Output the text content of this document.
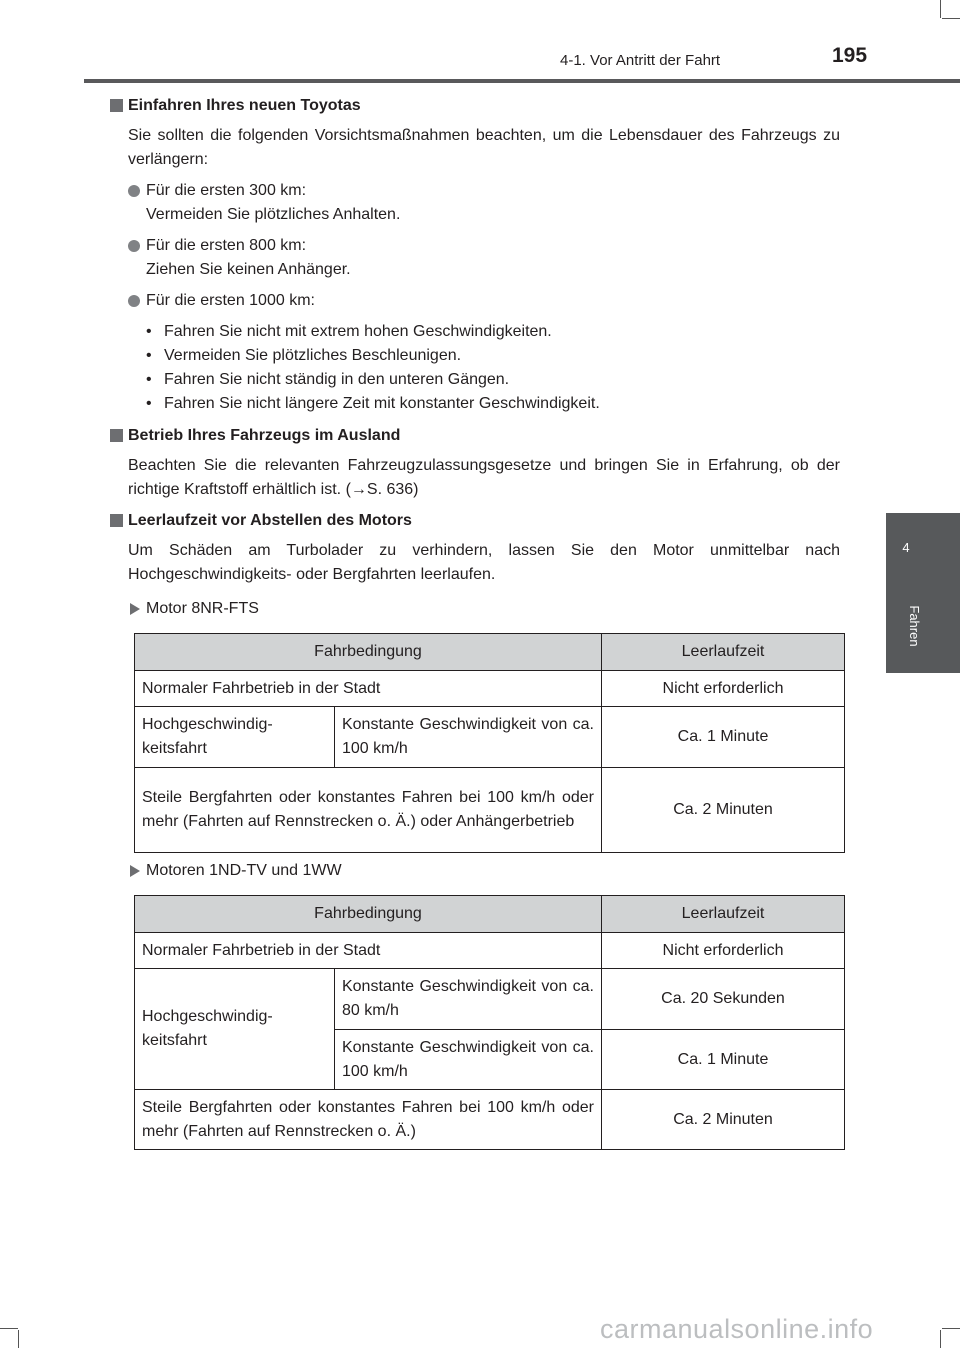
4-1. Vor Antritt der Fahrt	195
4
Fahren
Einfahren Ihres neuen Toyotas
Sie sollten die folgenden Vorsichtsmaßnahmen beachten, um die Lebensdauer des Fahrzeugs zu verlängern:
Für die ersten 300 km:
Vermeiden Sie plötzliches Anhalten.
Für die ersten 800 km:
Ziehen Sie keinen Anhänger.
Für die ersten 1000 km:
• Fahren Sie nicht mit extrem hohen Geschwindigkeiten.
• Vermeiden Sie plötzliches Beschleunigen.
• Fahren Sie nicht ständig in den unteren Gängen.
• Fahren Sie nicht längere Zeit mit konstanter Geschwindigkeit.
Betrieb Ihres Fahrzeugs im Ausland
Beachten Sie die relevanten Fahrzeugzulassungsgesetze und bringen Sie in Erfahrung, ob der richtige Kraftstoff erhältlich ist. (→S. 636)
Leerlaufzeit vor Abstellen des Motors
Um Schäden am Turbolader zu verhindern, lassen Sie den Motor unmittelbar nach Hochgeschwindigkeits- oder Bergfahrten leerlaufen.
Motor 8NR-FTS
Fahrbedingung		Leerlaufzeit
Normaler Fahrbetrieb in der Stadt		Nicht erforderlich
Hochgeschwindig-keitsfahrt	Konstante Geschwindigkeit von ca. 100 km/h	Ca. 1 Minute
Steile Bergfahrten oder konstantes Fahren bei 100 km/h oder mehr (Fahrten auf Rennstrecken o. Ä.) oder Anhängerbetrieb		Ca. 2 Minuten
Motoren 1ND-TV und 1WW
Fahrbedingung		Leerlaufzeit
Normaler Fahrbetrieb in der Stadt		Nicht erforderlich
Hochgeschwindig-keitsfahrt	Konstante Geschwindigkeit von ca. 80 km/h	Ca. 20 Sekunden
	Konstante Geschwindigkeit von ca. 100 km/h	Ca. 1 Minute
Steile Bergfahrten oder konstantes Fahren bei 100 km/h oder mehr (Fahrten auf Rennstrecken o. Ä.)		Ca. 2 Minuten
carmanualsonline.info
